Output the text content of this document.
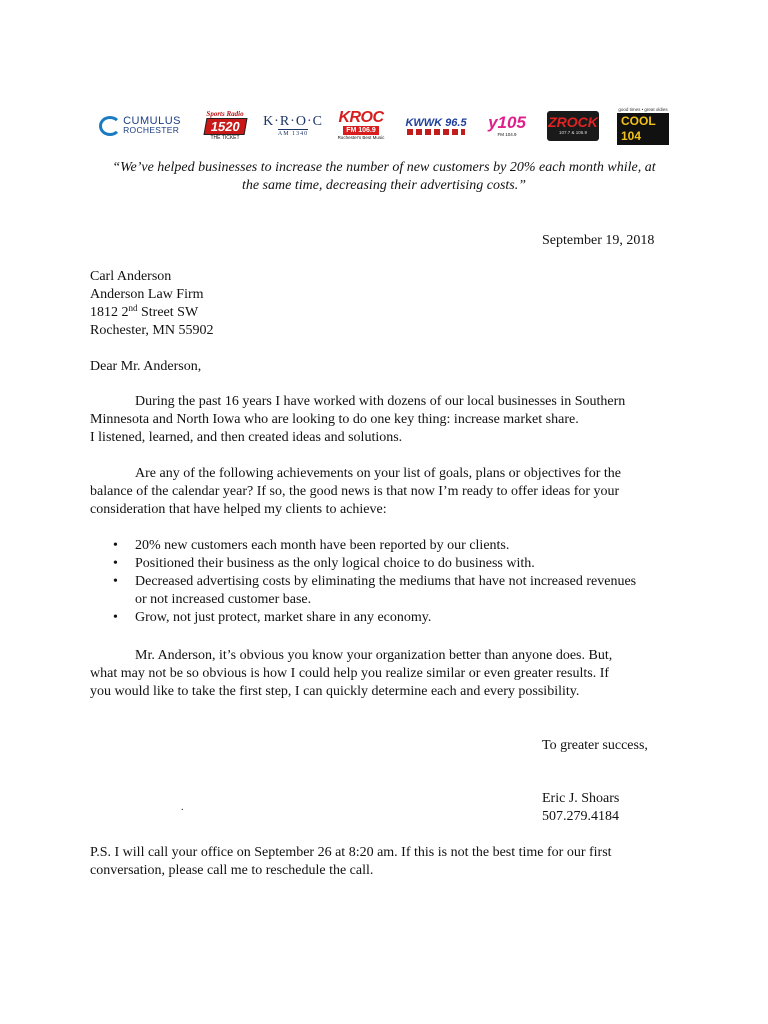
CUMULUS
ROCHESTER
Sports Radio
1520
THE TICKET
K·R·O·C
AM 1340
KROC
FM 106.9
Rochester's Best Music
KWWK 96.5 y105
FM 104.9
ZROCK
107.7 & 106.9
good times • great oldies
COOL 104
“We’ve helped businesses to increase the number of new customers by 20% each month while, at
the same time, decreasing their advertising costs.”
September 19, 2018
Carl Anderson
Anderson Law Firm
1812 2nd Street SW
Rochester, MN 55902
Dear Mr. Anderson,
During the past 16 years I have worked with dozens of our local businesses in Southern
Minnesota and North Iowa who are looking to do one key thing: increase market share.
I listened, learned, and then created ideas and solutions.
Are any of the following achievements on your list of goals, plans or objectives for the
balance of the calendar year? If so, the good news is that now I’m ready to offer ideas for your
consideration that have helped my clients to achieve:
• 20% new customers each month have been reported by our clients.
• Positioned their business as the only logical choice to do business with.
• Decreased advertising costs by eliminating the mediums that have not increased revenues
or not increased customer base.
• Grow, not just protect, market share in any economy.
Mr. Anderson, it’s obvious you know your organization better than anyone does. But,
what may not be so obvious is how I could help you realize similar or even greater results. If
you would like to take the first step, I can quickly determine each and every possibility.
To greater success,
.
Eric J. Shoars
507.279.4184
P.S. I will call your office on September 26 at 8:20 am. If this is not the best time for our first
conversation, please call me to reschedule the call.
